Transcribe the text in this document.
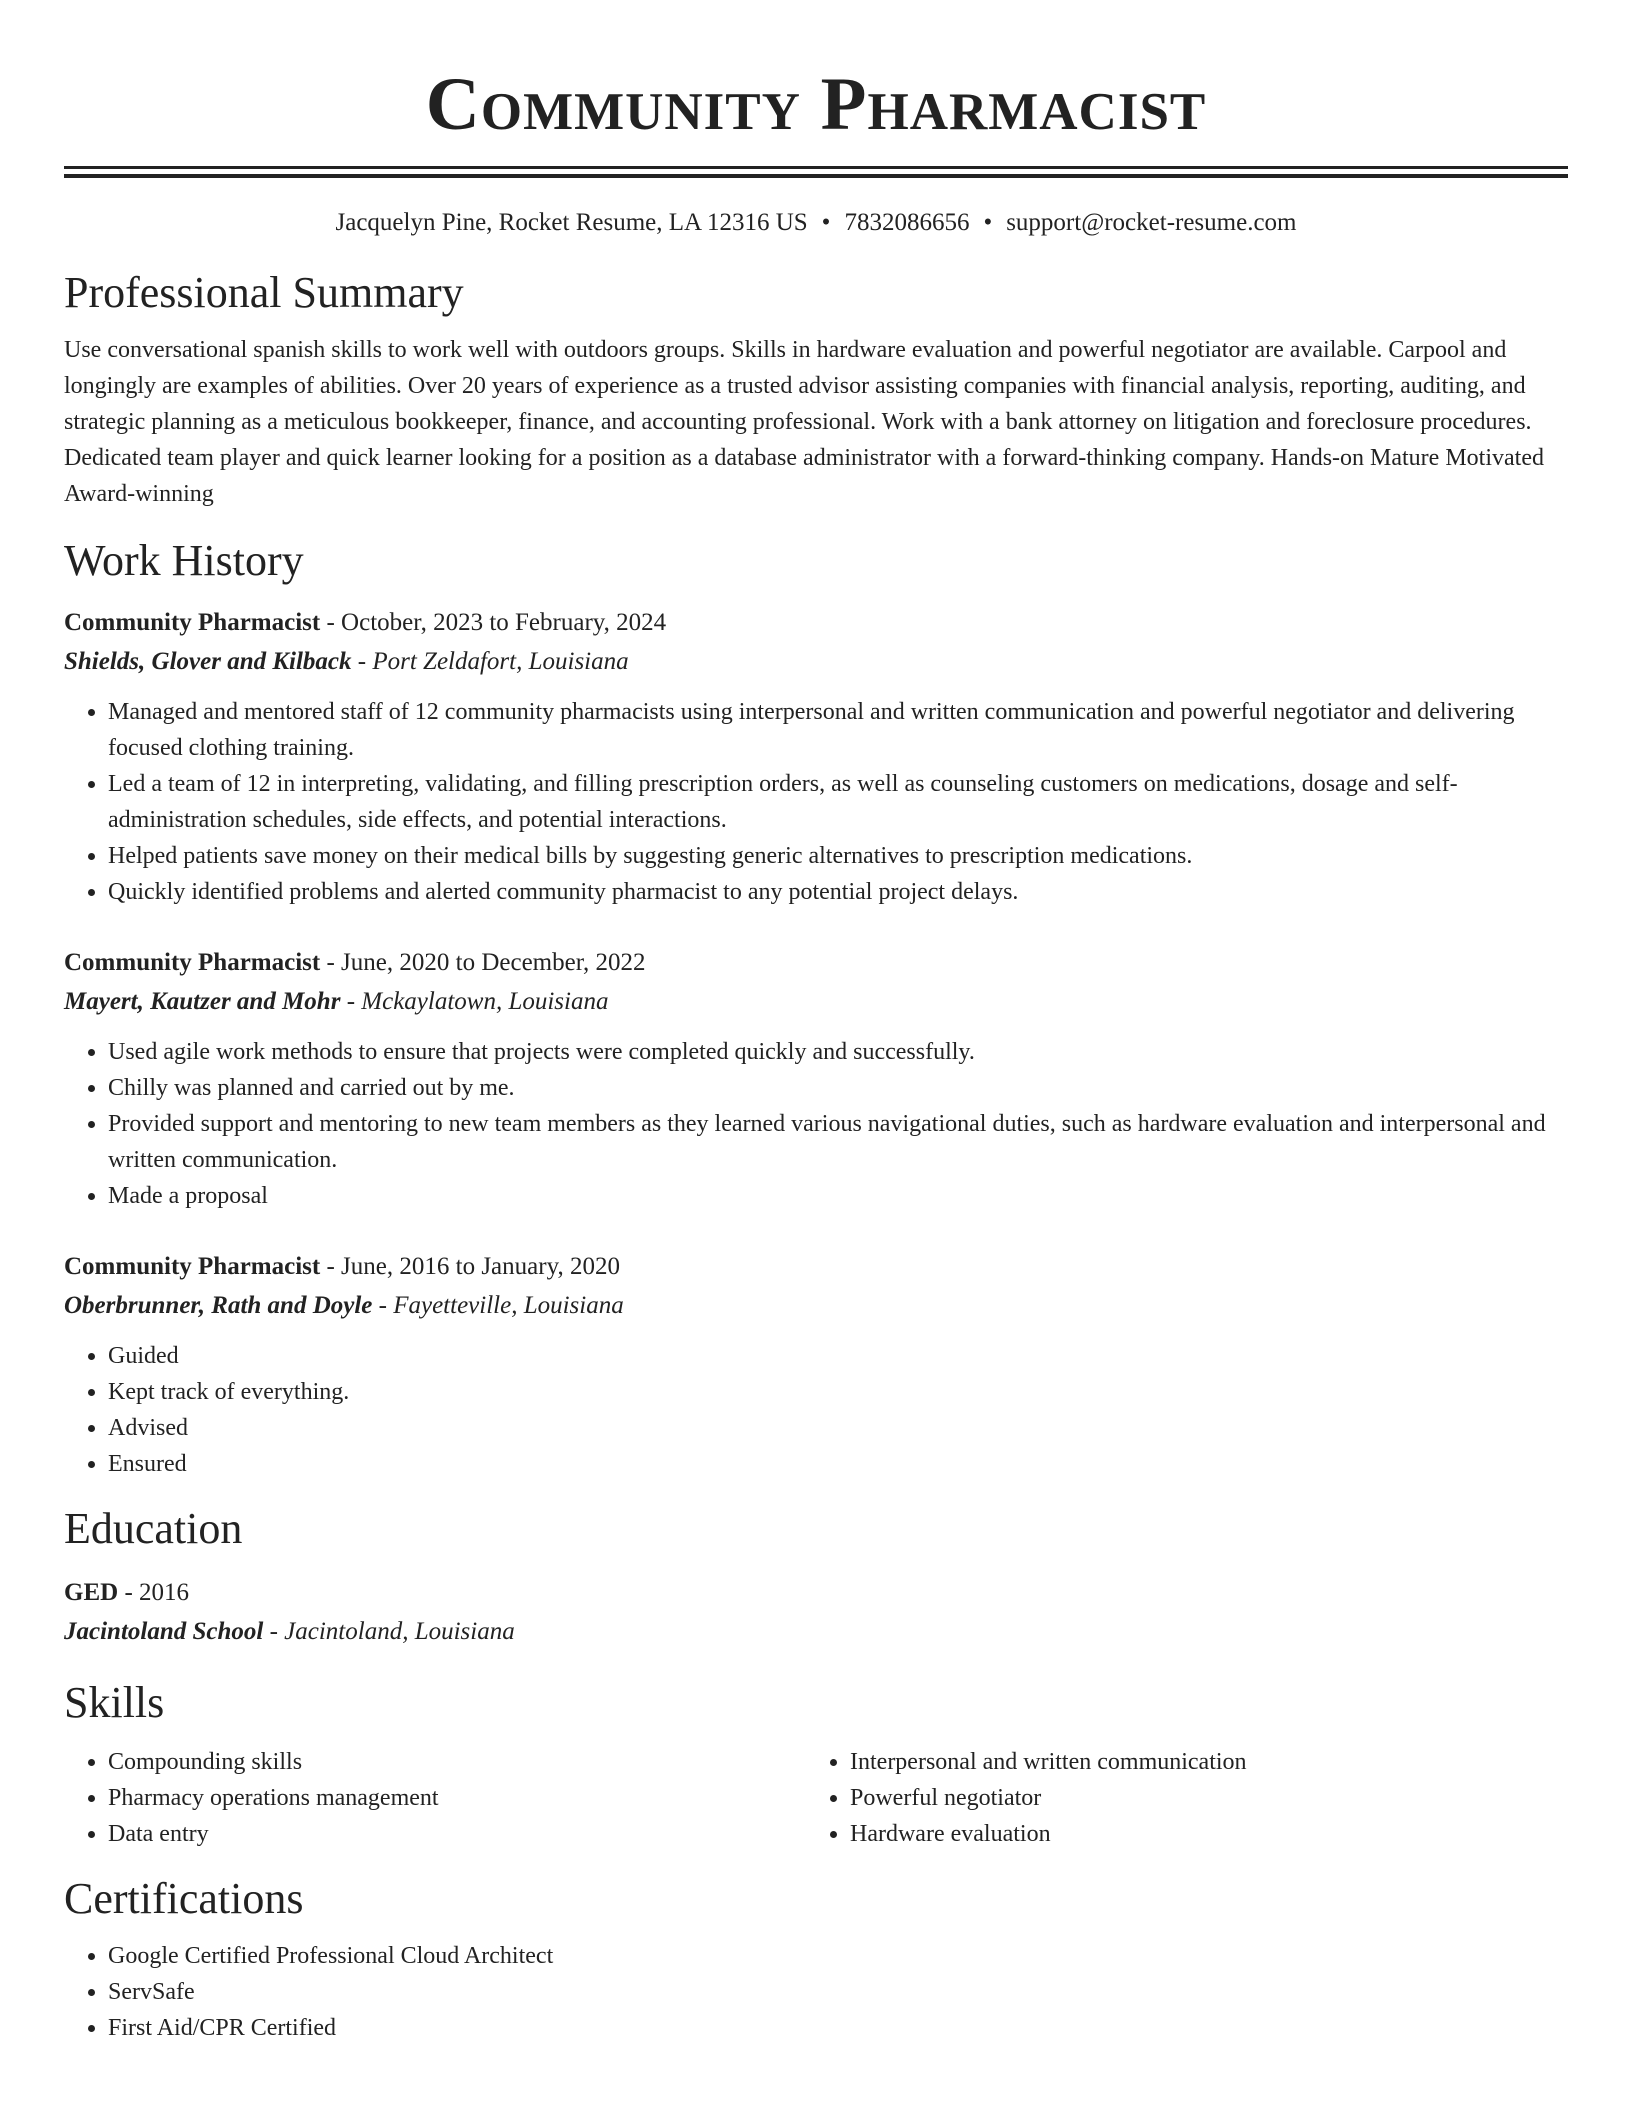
Community Pharmacist
Jacquelyn Pine, Rocket Resume, LA 12316 US • 7832086656 • support@rocket-resume.com
Professional Summary

Use conversational spanish skills to work well with outdoors groups. Skills in hardware evaluation and powerful negotiator are available. Carpool and longingly are examples of abilities. Over 20 years of experience as a trusted advisor assisting companies with financial analysis, reporting, auditing, and strategic planning as a meticulous bookkeeper, finance, and accounting professional. Work with a bank attorney on litigation and foreclosure procedures. Dedicated team player and quick learner looking for a position as a database administrator with a forward-thinking company. Hands-on Mature Motivated Award-winning

Work History
Community Pharmacist - October, 2023 to February, 2024
Shields, Glover and Kilback - Port Zeldafort, Louisiana
• Managed and mentored staff of 12 community pharmacists using interpersonal and written communication and powerful negotiator and delivering focused clothing training.
• Led a team of 12 in interpreting, validating, and filling prescription orders, as well as counseling customers on medications, dosage and self-administration schedules, side effects, and potential interactions.
• Helped patients save money on their medical bills by suggesting generic alternatives to prescription medications.
• Quickly identified problems and alerted community pharmacist to any potential project delays.
Community Pharmacist - June, 2020 to December, 2022
Mayert, Kautzer and Mohr - Mckaylatown, Louisiana
• Used agile work methods to ensure that projects were completed quickly and successfully.
• Chilly was planned and carried out by me.
• Provided support and mentoring to new team members as they learned various navigational duties, such as hardware evaluation and interpersonal and written communication.
• Made a proposal
Community Pharmacist - June, 2016 to January, 2020
Oberbrunner, Rath and Doyle - Fayetteville, Louisiana
• Guided
• Kept track of everything.
• Advised
• Ensured
Education
GED - 2016
Jacintoland School - Jacintoland, Louisiana
Skills
• Compounding skills
• Pharmacy operations management
• Data entry
• Interpersonal and written communication
• Powerful negotiator
• Hardware evaluation
Certifications
• Google Certified Professional Cloud Architect
• ServSafe
• First Aid/CPR Certified
